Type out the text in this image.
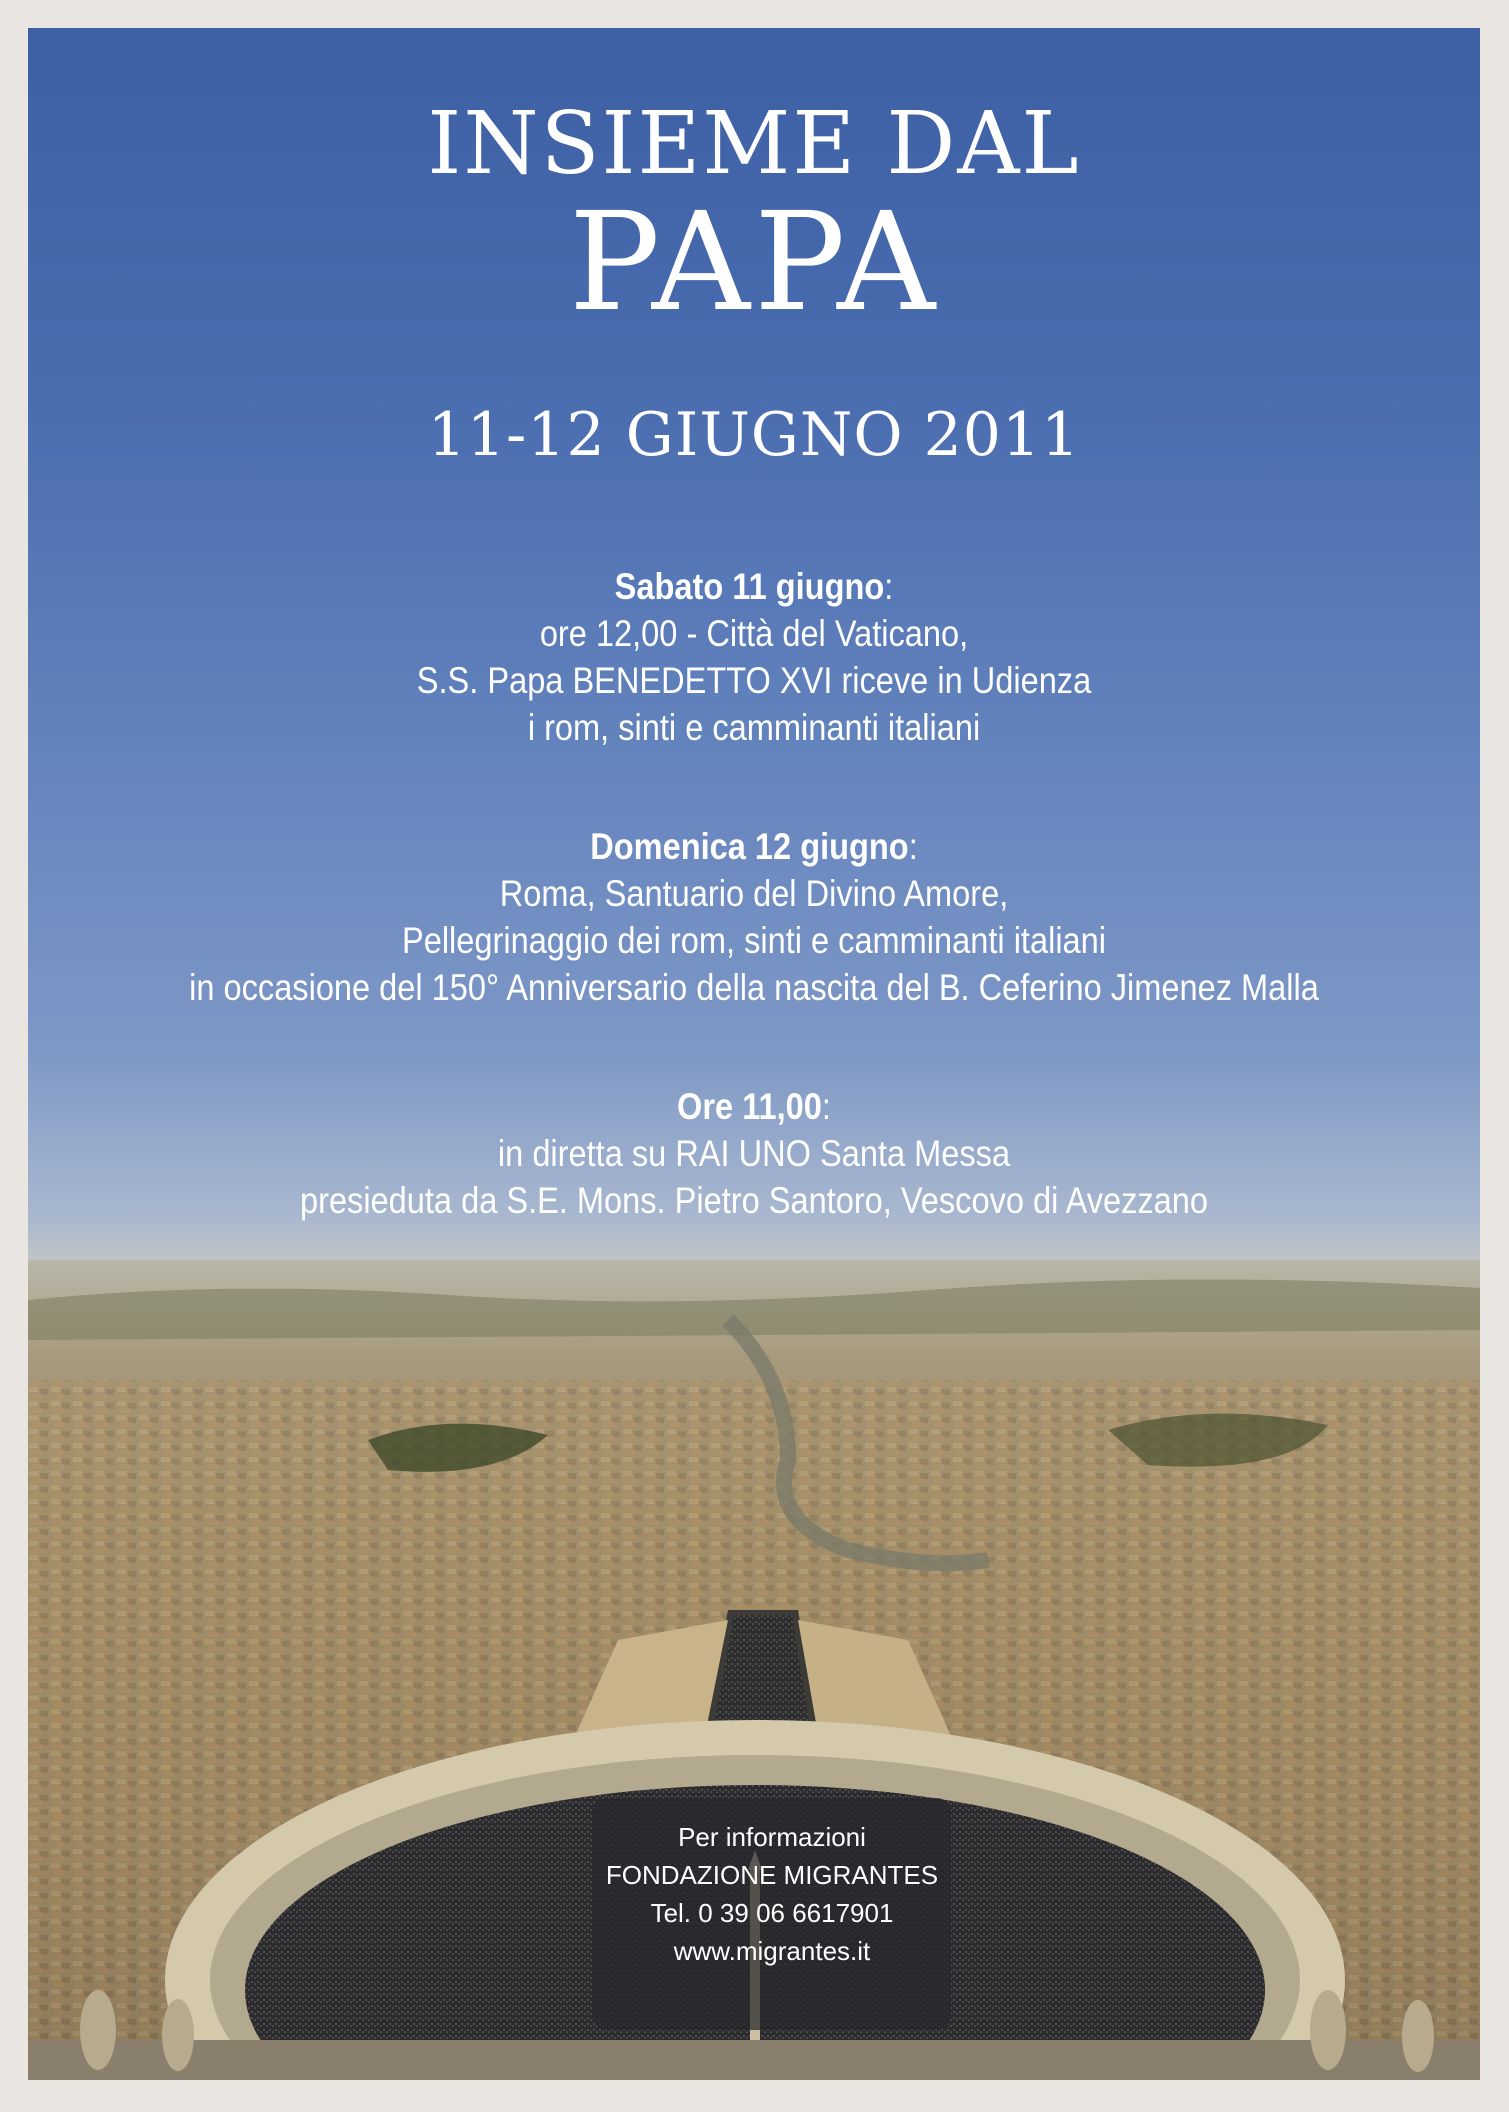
INSIEME DAL
PAPA
11-12 GIUGNO 2011
Sabato 11 giugno:
ore 12,00 - Città del Vaticano,
S.S. Papa BENEDETTO XVI riceve in Udienza
i rom, sinti e camminanti italiani
Domenica 12 giugno:
Roma, Santuario del Divino Amore,
Pellegrinaggio dei rom, sinti e camminanti italiani
in occasione del 150° Anniversario della nascita del B. Ceferino Jimenez Malla
Ore 11,00:
in diretta su RAI UNO Santa Messa
presieduta da S.E. Mons. Pietro Santoro, Vescovo di Avezzano
Per informazioni
FONDAZIONE MIGRANTES
Tel. 0 39 06 6617901
www.migrantes.it
